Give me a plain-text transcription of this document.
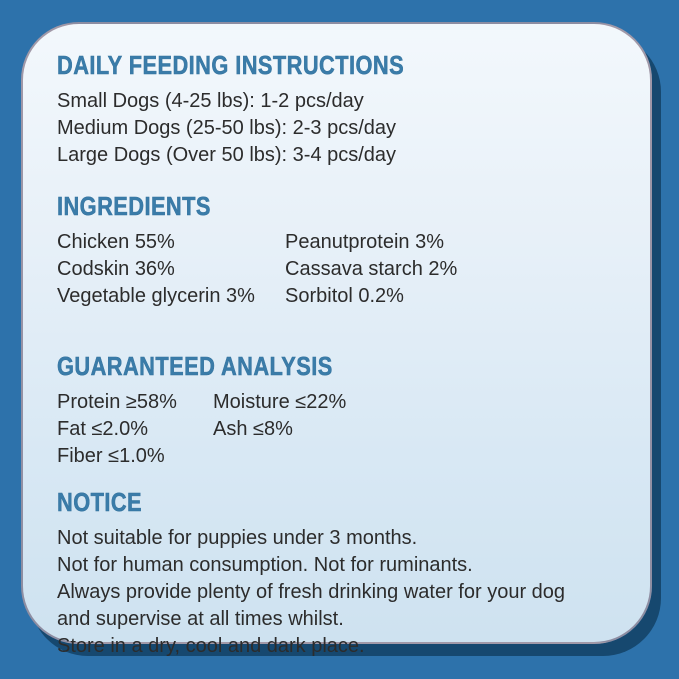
DAILY FEEDING INSTRUCTIONS
Small Dogs (4-25 lbs): 1-2 pcs/day
Medium Dogs (25-50 lbs): 2-3 pcs/day
Large Dogs (Over 50 lbs): 3-4 pcs/day
INGREDIENTS
Chicken 55%
Codskin 36%
Vegetable glycerin 3%
Peanutprotein 3%
Cassava starch 2%
Sorbitol 0.2%
GUARANTEED ANALYSIS
Protein ≥58%
Fat ≤2.0%
Fiber ≤1.0%
Moisture ≤22%
Ash ≤8%
NOTICE
Not suitable for puppies under 3 months.
Not for human consumption. Not for ruminants.
Always provide plenty of fresh drinking water for your dog
and supervise at all times whilst.
Store in a dry, cool and dark place.
